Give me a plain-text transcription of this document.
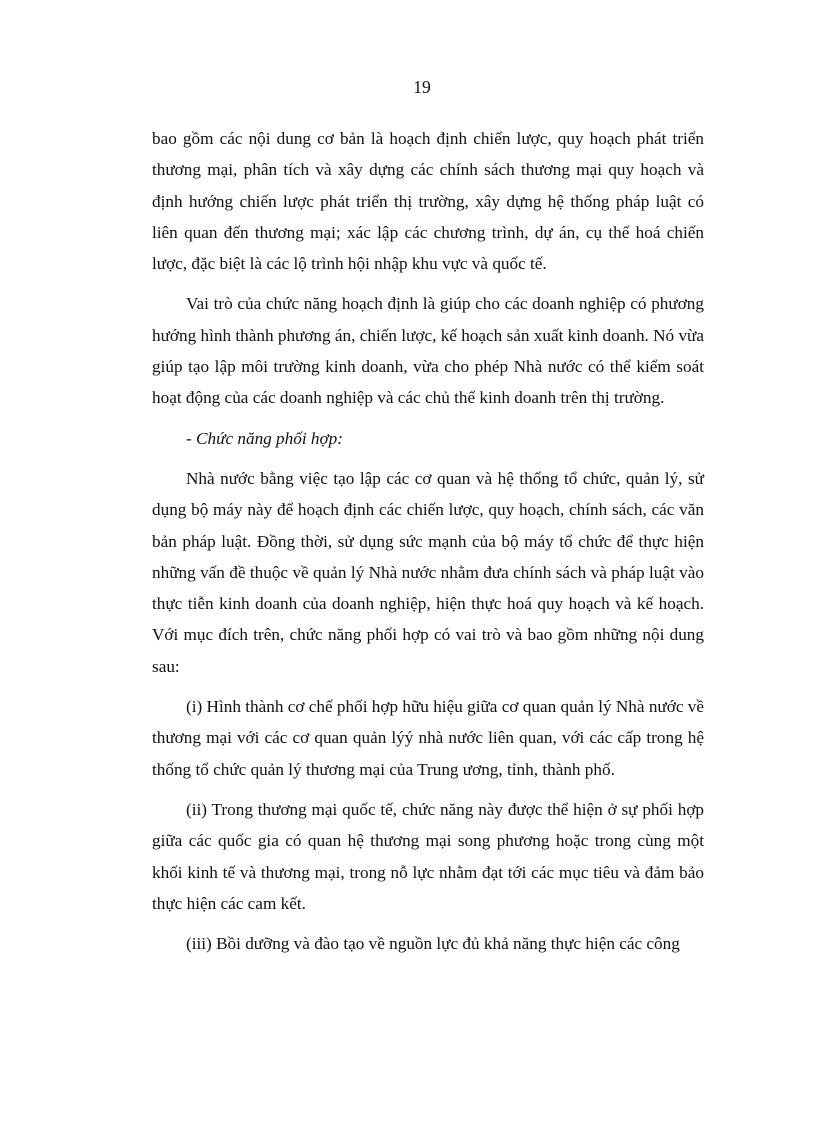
19

bao gồm các nội dung cơ bản là hoạch định chiến lược, quy hoạch phát triển thương mại, phân tích và xây dựng các chính sách thương mại quy hoạch và định hướng chiến lược phát triển thị trường, xây dựng hệ thống pháp luật có liên quan đến thương mại; xác lập các chương trình, dự án, cụ thể hoá chiến lược, đặc biệt là các lộ trình hội nhập khu vực và quốc tế.

Vai trò của chức năng hoạch định là giúp cho các doanh nghiệp có phương hướng hình thành phương án, chiến lược, kế hoạch sản xuất kinh doanh. Nó vừa giúp tạo lập môi trường kinh doanh, vừa cho phép Nhà nước có thể kiểm soát hoạt động của các doanh nghiệp và các chủ thể kinh doanh trên thị trường.

- Chức năng phối hợp:

Nhà nước bằng việc tạo lập các cơ quan và hệ thống tổ chức, quản lý, sử dụng bộ máy này để hoạch định các chiến lược, quy hoạch, chính sách, các văn bản pháp luật. Đồng thời, sử dụng sức mạnh của bộ máy tổ chức để thực hiện những vấn đề thuộc về quản lý Nhà nước nhằm đưa chính sách và pháp luật vào thực tiễn kinh doanh của doanh nghiệp, hiện thực hoá quy hoạch và kế hoạch. Với mục đích trên, chức năng phối hợp có vai trò và bao gồm những nội dung sau:

(i) Hình thành cơ chế phối hợp hữu hiệu giữa cơ quan quản lý Nhà nước về thương mại với các cơ quan quản lýý nhà nước liên quan, với các cấp trong hệ thống tổ chức quản lý thương mại của Trung ương, tỉnh, thành phố.

(ii) Trong thương mại quốc tế, chức năng này được thể hiện ở sự phối hợp giữa các quốc gia có quan hệ thương mại song phương hoặc trong cùng một khối kinh tế và thương mại, trong nỗ lực nhằm đạt tới các mục tiêu và đảm bảo thực hiện các cam kết.

(iii) Bồi dưỡng và đào tạo về nguồn lực đủ khả năng thực hiện các công
